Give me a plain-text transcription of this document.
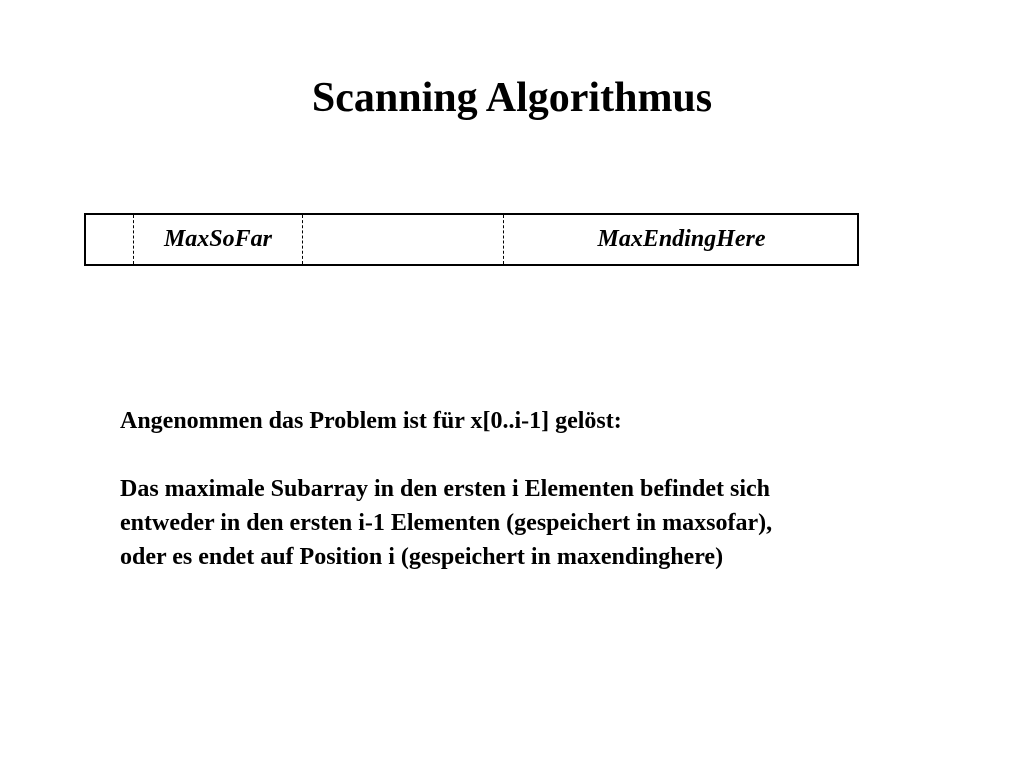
Scanning Algorithmus
MaxSoFar	MaxEndingHere

Angenommen das Problem ist für x[0..i-1] gelöst:

Das maximale Subarray in den ersten i Elementen befindet sich

entweder in den ersten i-1 Elementen (gespeichert in maxsofar),

oder es endet auf Position i (gespeichert in maxendinghere)
